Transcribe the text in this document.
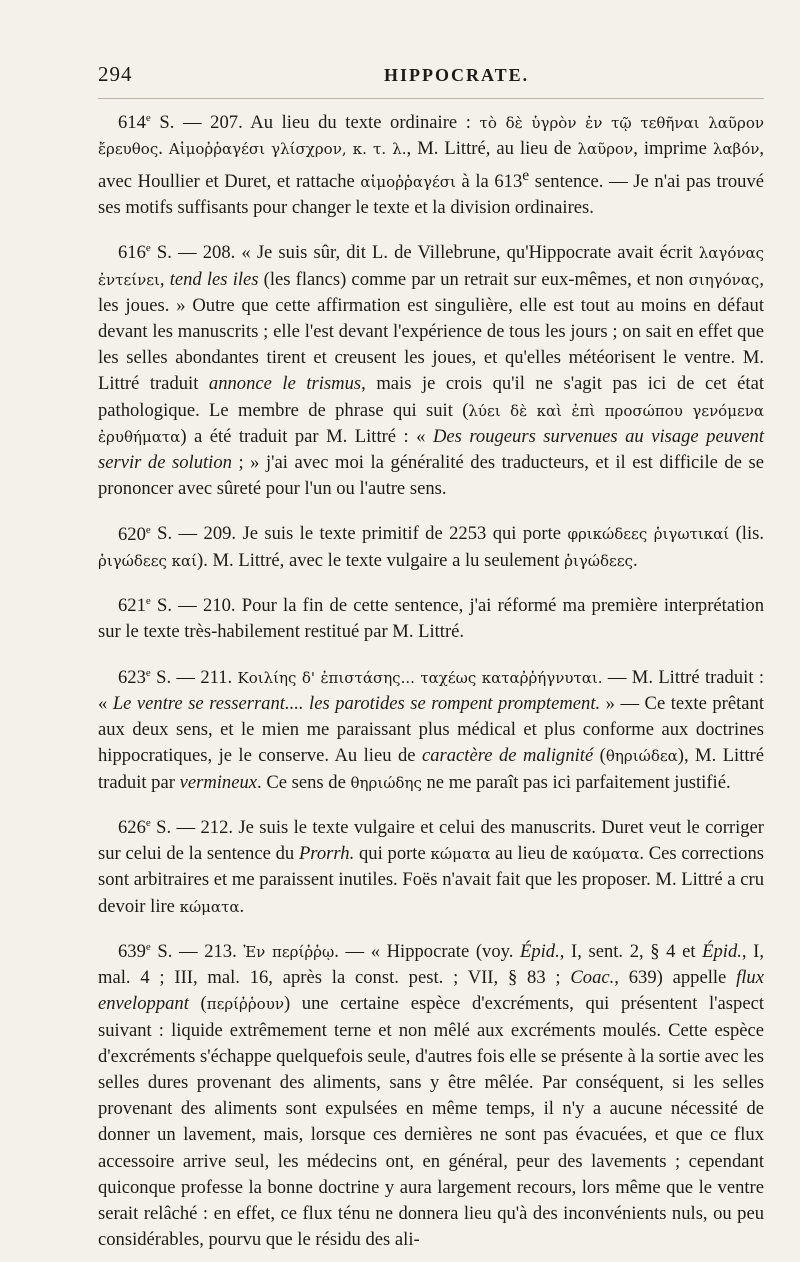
294	HIPPOCRATE.

614e S. — 207. Au lieu du texte ordinaire : τὸ δὲ ὑγρὸν ἐν τῷ τεθῆναι λαῦρον ἔρευθος. Αἱμοῤῥαγέσι γλίσχρον, κ. τ. λ., M. Littré, au lieu de λαῦρον, imprime λαβόν, avec Houllier et Duret, et rattache αἱμοῤῥαγέσι à la 613e sentence. — Je n'ai pas trouvé ses motifs suffisants pour changer le texte et la division ordinaires.

616e S. — 208. « Je suis sûr, dit L. de Villebrune, qu'Hippocrate avait écrit λαγόνας ἐντείνει, tend les iles (les flancs) comme par un retrait sur eux-mêmes, et non σιηγόνας, les joues. » Outre que cette affirmation est singulière, elle est tout au moins en défaut devant les manuscrits ; elle l'est devant l'expérience de tous les jours ; on sait en effet que les selles abondantes tirent et creusent les joues, et qu'elles météorisent le ventre. M. Littré traduit annonce le trismus, mais je crois qu'il ne s'agit pas ici de cet état pathologique. Le membre de phrase qui suit (λύει δὲ καὶ ἐπὶ προσώπου γενόμενα ἐρυθήματα) a été traduit par M. Littré : « Des rougeurs survenues au visage peuvent servir de solution ; » j'ai avec moi la généralité des traducteurs, et il est difficile de se prononcer avec sûreté pour l'un ou l'autre sens.

620e S. — 209. Je suis le texte primitif de 2253 qui porte φρικώδεες ῥιγωτικαί (lis. ῥιγώδεες καί). M. Littré, avec le texte vulgaire a lu seulement ῥιγώδεες.

621e S. — 210. Pour la fin de cette sentence, j'ai réformé ma première interprétation sur le texte très-habilement restitué par M. Littré.

623e S. — 211. Κοιλίης δ' ἐπιστάσης... ταχέως καταῤῥήγνυται. — M. Littré traduit : « Le ventre se resserrant.... les parotides se rompent promptement. » — Ce texte prêtant aux deux sens, et le mien me paraissant plus médical et plus conforme aux doctrines hippocratiques, je le conserve. Au lieu de caractère de malignité (θηριώδεα), M. Littré traduit par vermineux. Ce sens de θηριώδης ne me paraît pas ici parfaitement justifié.

626e S. — 212. Je suis le texte vulgaire et celui des manuscrits. Duret veut le corriger sur celui de la sentence du Prorrh. qui porte κώματα au lieu de καύματα. Ces corrections sont arbitraires et me paraissent inutiles. Foës n'avait fait que les proposer. M. Littré a cru devoir lire κώματα.

639e S. — 213. Ἐν περίῤῥῳ. — « Hippocrate (voy. Épid., I, sent. 2, § 4 et Épid., I, mal. 4 ; III, mal. 16, après la const. pest. ; VII, § 83 ; Coac., 639) appelle flux enveloppant (περίῤῥουν) une certaine espèce d'excréments, qui présentent l'aspect suivant : liquide extrêmement terne et non mêlé aux excréments moulés. Cette espèce d'excréments s'échappe quelquefois seule, d'autres fois elle se présente à la sortie avec les selles dures provenant des aliments, sans y être mêlée. Par conséquent, si les selles provenant des aliments sont expulsées en même temps, il n'y a aucune nécessité de donner un lavement, mais, lorsque ces dernières ne sont pas évacuées, et que ce flux accessoire arrive seul, les médecins ont, en général, peur des lavements ; cependant quiconque professe la bonne doctrine y aura largement recours, lors même que le ventre serait relâché : en effet, ce flux ténu ne donnera lieu qu'à des inconvénients nuls, ou peu considérables, pourvu que le résidu des ali-
